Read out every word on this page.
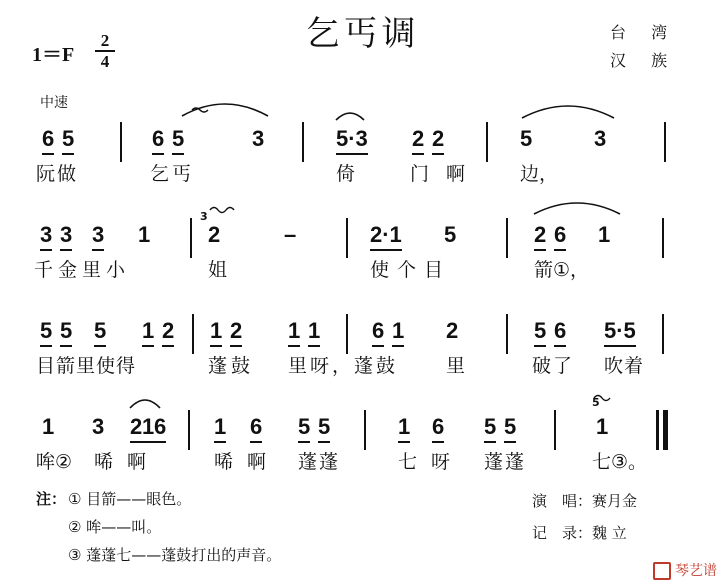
乞丐调	台 湾
汉 族
1＝F
2
4
中速
6 5	6 5	3	5·3 2 2	5	3
阮做	乞丐	倚	门 啊	边，
3 3 3 1
3
2	–	2·1 5	2 6 1
千金里小	姐	使个目	箭①，
5 5 5 1 2 1 2 1 1 6 1 2	5 6 5·5
目箭里使得	蓬鼓 里呀，蓬鼓	里	破了 吹着
1 3 2 1 6 1 6 5 5	1 6 5 5
5
1
哞② 唏啊	唏啊 蓬蓬	七呀 蓬蓬	七③。
注： ① 目箭——眼色。
② 哞——叫。
③ 蓬蓬七——蓬鼓打出的声音。
演　唱：赛月金
记　录：魏 立
琴艺谱
